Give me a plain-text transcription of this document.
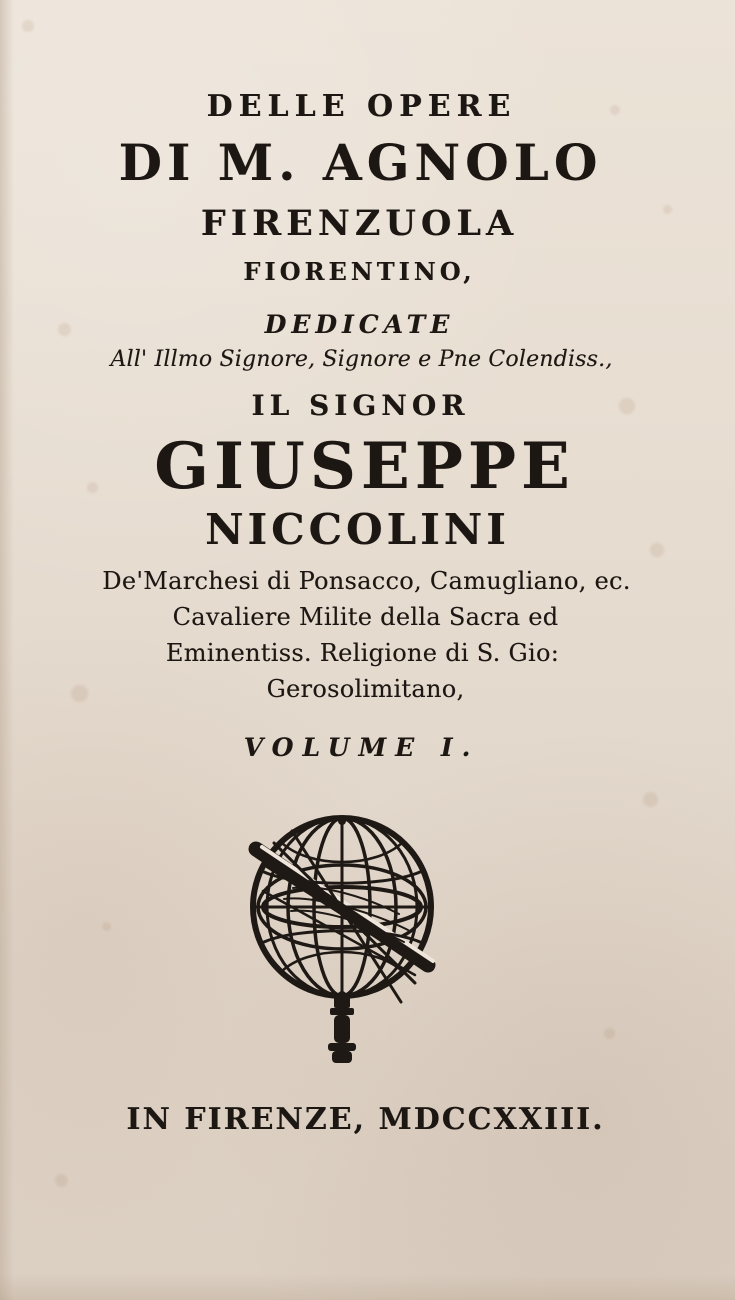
DELLE OPERE
DI M. AGNOLO
FIRENZUOLA
FIORENTINO,
DEDICATE
All' Illmo Signore, Signore e Pne Colendiss.,
IL SIGNOR
GIUSEPPE
NICCOLINI
De'Marchesi di Ponsacco, Camugliano, ec.
Cavaliere Milite della Sacra ed
Eminentiss. Religione di S. Gio:
Gerosolimitano,
VOLUME I.
IN FIRENZE, MDCCXXIII.
